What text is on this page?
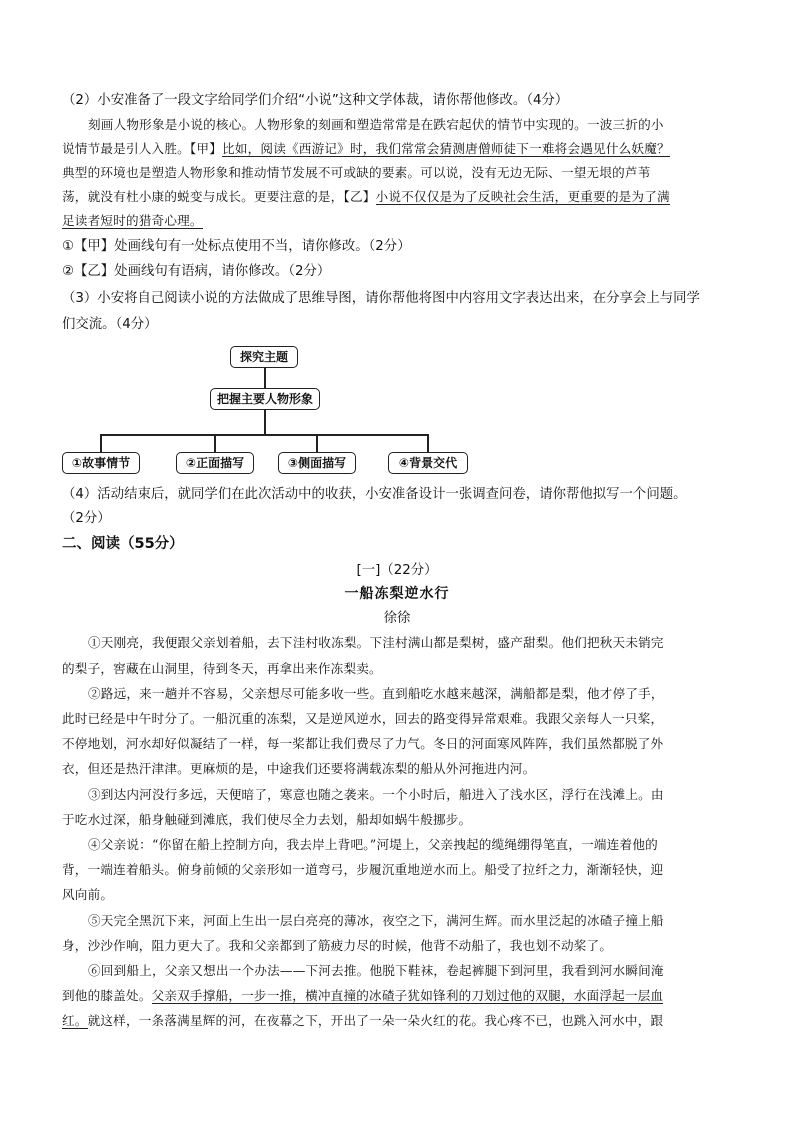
（2）小安准备了一段文字给同学们介绍“小说”这种文学体裁，请你帮他修改。（4分）
刻画人物形象是小说的核心。人物形象的刻画和塑造常常是在跌宕起伏的情节中实现的。一波三折的小
说情节最是引人入胜。【甲】比如，阅读《西游记》时，我们常常会猜测唐僧师徒下一难将会遇见什么妖魔？
典型的环境也是塑造人物形象和推动情节发展不可或缺的要素。可以说，没有无边无际、一望无垠的芦苇
荡，就没有杜小康的蜕变与成长。更要注意的是，【乙】小说不仅仅是为了反映社会生活，更重要的是为了满
足读者短时的猎奇心理。
①【甲】处画线句有一处标点使用不当，请你修改。（2分）
②【乙】处画线句有语病，请你修改。（2分）
（3）小安将自己阅读小说的方法做成了思维导图，请你帮他将图中内容用文字表达出来，在分享会上与同学
们交流。（4分）
探究主题
把握主要人物形象
①故事情节	②正面描写	③侧面描写	④背景交代
（4）活动结束后，就同学们在此次活动中的收获，小安准备设计一张调查问卷，请你帮他拟写一个问题。
（2分）
二、阅读（55分）
[一]（22分）
一船冻梨逆水行
徐徐
①天刚亮，我便跟父亲划着船，去下洼村收冻梨。下洼村满山都是梨树，盛产甜梨。他们把秋天未销完
的梨子，窖藏在山洞里，待到冬天，再拿出来作冻梨卖。
②路远，来一趟并不容易，父亲想尽可能多收一些。直到船吃水越来越深，满船都是梨，他才停了手，
此时已经是中午时分了。一船沉重的冻梨，又是逆风逆水，回去的路变得异常艰难。我跟父亲每人一只桨，
不停地划，河水却好似凝结了一样，每一桨都让我们费尽了力气。冬日的河面寒风阵阵，我们虽然都脱了外
衣，但还是热汗津津。更麻烦的是，中途我们还要将满载冻梨的船从外河拖进内河。
③到达内河没行多远，天便暗了，寒意也随之袭来。一个小时后，船进入了浅水区，浮行在浅滩上。由
于吃水过深，船身触碰到滩底，我们使尽全力去划，船却如蜗牛般挪步。
④父亲说：“你留在船上控制方向，我去岸上背吧。”河堤上，父亲拽起的缆绳绷得笔直，一端连着他的
背，一端连着船头。俯身前倾的父亲形如一道弯弓，步履沉重地逆水而上。船受了拉纤之力，渐渐轻快，迎
风向前。
⑤天完全黑沉下来，河面上生出一层白亮亮的薄冰，夜空之下，满河生辉。而水里泛起的冰碴子撞上船
身，沙沙作响，阻力更大了。我和父亲都到了筋疲力尽的时候，他背不动船了，我也划不动桨了。
⑥回到船上，父亲又想出一个办法——下河去推。他脱下鞋袜，卷起裤腿下到河里，我看到河水瞬间淹
到他的膝盖处。父亲双手撑船，一步一推，横冲直撞的冰碴子犹如锋利的刀划过他的双腿，水面浮起一层血
红。就这样，一条落满星辉的河，在夜幕之下，开出了一朵一朵火红的花。我心疼不已，也跳入河水中，跟
